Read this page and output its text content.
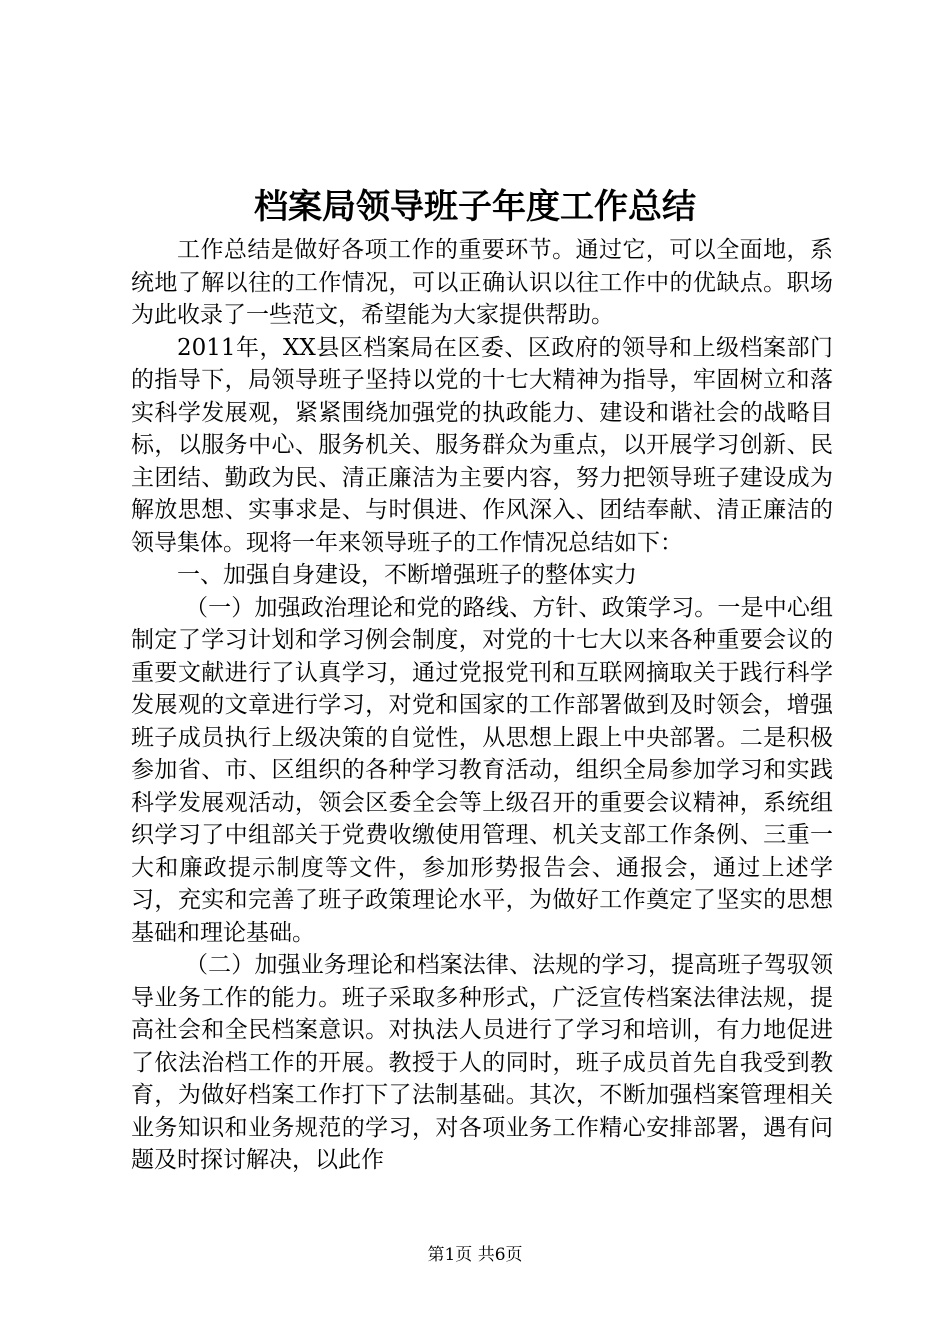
档案局领导班子年度工作总结

工作总结是做好各项工作的重要环节。通过它，可以全面地，系统地了解以往的工作情况，可以正确认识以往工作中的优缺点。职场为此收录了一些范文，希望能为大家提供帮助。

2011年，XX县区档案局在区委、区政府的领导和上级档案部门的指导下，局领导班子坚持以党的十七大精神为指导，牢固树立和落实科学发展观，紧紧围绕加强党的执政能力、建设和谐社会的战略目标，以服务中心、服务机关、服务群众为重点，以开展学习创新、民主团结、勤政为民、清正廉洁为主要内容，努力把领导班子建设成为解放思想、实事求是、与时俱进、作风深入、团结奉献、清正廉洁的领导集体。现将一年来领导班子的工作情况总结如下：

一、加强自身建设，不断增强班子的整体实力

（一）加强政治理论和党的路线、方针、政策学习。一是中心组制定了学习计划和学习例会制度，对党的十七大以来各种重要会议的重要文献进行了认真学习，通过党报党刊和互联网摘取关于践行科学发展观的文章进行学习，对党和国家的工作部署做到及时领会，增强班子成员执行上级决策的自觉性，从思想上跟上中央部署。二是积极参加省、市、区组织的各种学习教育活动，组织全局参加学习和实践科学发展观活动，领会区委全会等上级召开的重要会议精神，系统组织学习了中组部关于党费收缴使用管理、机关支部工作条例、三重一大和廉政提示制度等文件，参加形势报告会、通报会，通过上述学习，充实和完善了班子政策理论水平，为做好工作奠定了坚实的思想基础和理论基础。

（二）加强业务理论和档案法律、法规的学习，提高班子驾驭领导业务工作的能力。班子采取多种形式，广泛宣传档案法律法规，提高社会和全民档案意识。对执法人员进行了学习和培训，有力地促进了依法治档工作的开展。教授于人的同时，班子成员首先自我受到教育，为做好档案工作打下了法制基础。其次，不断加强档案管理相关业务知识和业务规范的学习，对各项业务工作精心安排部署，遇有问题及时探讨解决，以此作

第1页 共6页
